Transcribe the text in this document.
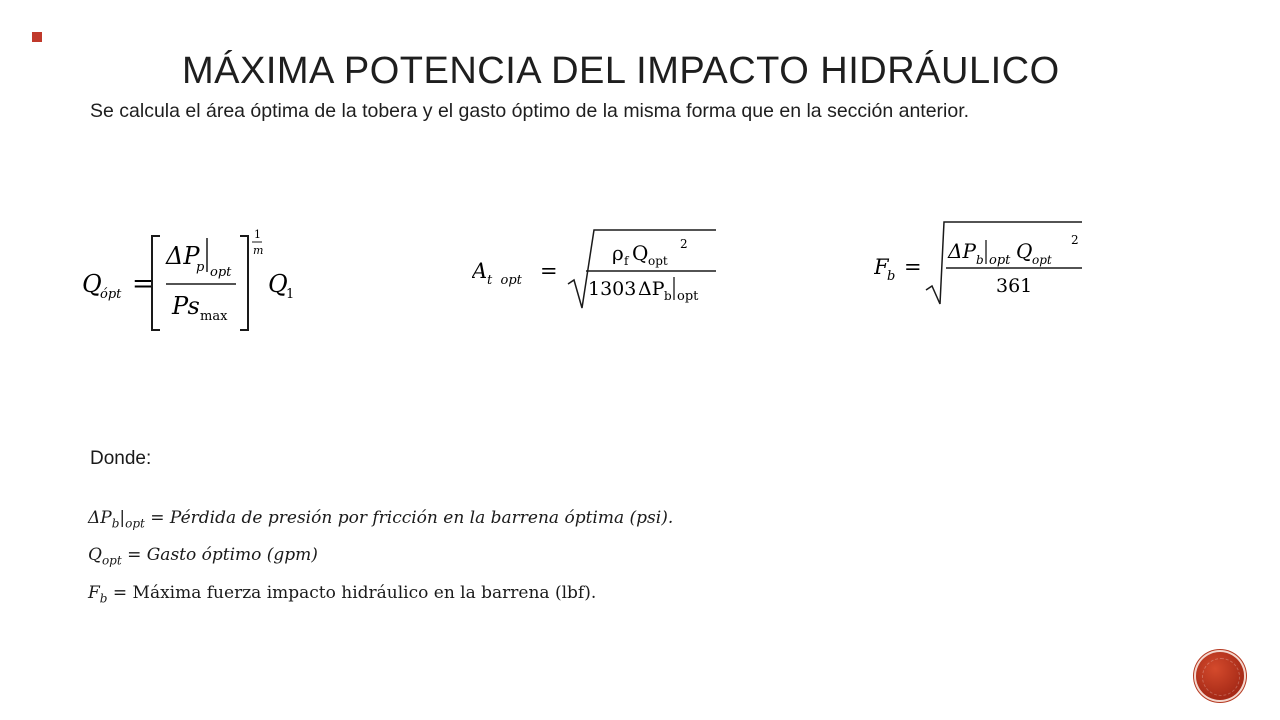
MÁXIMA POTENCIA DEL IMPACTO HIDRÁULICO
Se calcula el área óptima de la tobera y el gasto óptimo de la misma forma que en la sección anterior.
Q
ópt =
ΔP
p opt
Ps max
1
m
Q
1
A t  opt =
ρ f Q opt
2
1303 ΔP b opt
F
b =
ΔP b opt Q opt
2
361
Donde:
$\Delta P_b|_{opt}$ = Pérdida de presión por fricción en la barrena óptima (psi).
$Q_{opt}$ = Gasto óptimo (gpm)
$F_b$ = Máxima fuerza impacto hidráulico en la barrena (lbf).
